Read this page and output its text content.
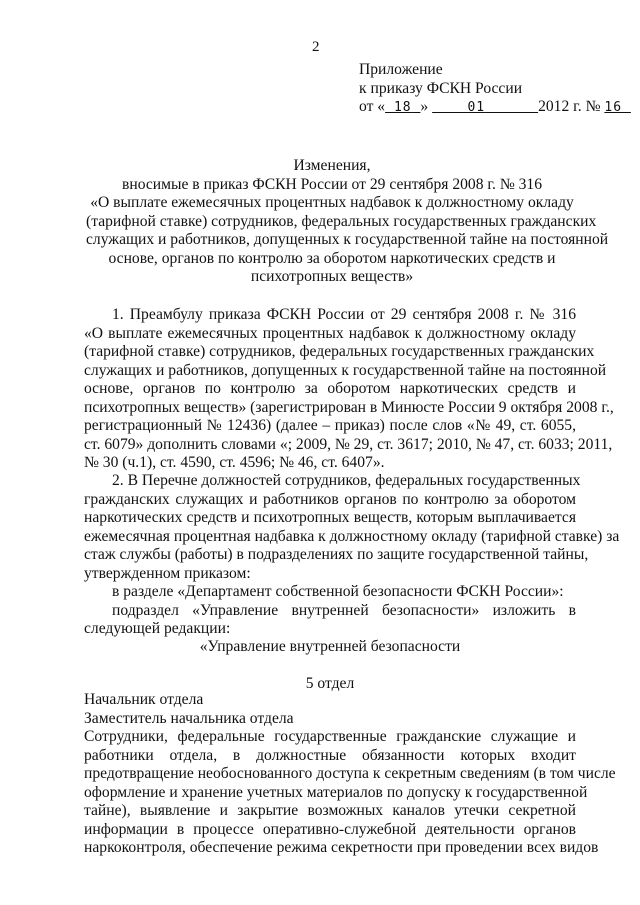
2
Приложение
к приказу ФСКН России
от « 18 »	01	2012 г. № 16
Изменения,
вносимые в приказ ФСКН России от 29 сентября 2008 г. № 316
«О выплате ежемесячных процентных надбавок к должностному окладу
(тарифной ставке) сотрудников, федеральных государственных гражданских
служащих и работников, допущенных к государственной тайне на постоянной
основе, органов по контролю за оборотом наркотических средств и
психотропных веществ»
1. Преамбулу приказа ФСКН России от 29 сентября 2008 г. № 316
«О выплате ежемесячных процентных надбавок к должностному окладу
(тарифной ставке) сотрудников, федеральных государственных гражданских
служащих и работников, допущенных к государственной тайне на постоянной
основе, органов по контролю за оборотом наркотических средств и
психотропных веществ» (зарегистрирован в Минюсте России 9 октября 2008 г.,
регистрационный № 12436) (далее – приказ) после слов «№ 49, ст. 6055,
ст. 6079» дополнить словами «; 2009, № 29, ст. 3617; 2010, № 47, ст. 6033; 2011,
№ 30 (ч.1), ст. 4590, ст. 4596; № 46, ст. 6407».
2. В Перечне должностей сотрудников, федеральных государственных
гражданских служащих и работников органов по контролю за оборотом
наркотических средств и психотропных веществ, которым выплачивается
ежемесячная процентная надбавка к должностному окладу (тарифной ставке) за
стаж службы (работы) в подразделениях по защите государственной тайны,
утвержденном приказом:
в разделе «Департамент собственной безопасности ФСКН России»:
подраздел «Управление внутренней безопасности» изложить в
следующей редакции:
«Управление внутренней безопасности
5 отдел
Начальник отдела
Заместитель начальника отдела
Сотрудники, федеральные государственные гражданские служащие и
работники отдела, в должностные обязанности которых входит
предотвращение необоснованного доступа к секретным сведениям (в том числе
оформление и хранение учетных материалов по допуску к государственной
тайне), выявление и закрытие возможных каналов утечки секретной
информации в процессе оперативно-служебной деятельности органов
наркоконтроля, обеспечение режима секретности при проведении всех видов
